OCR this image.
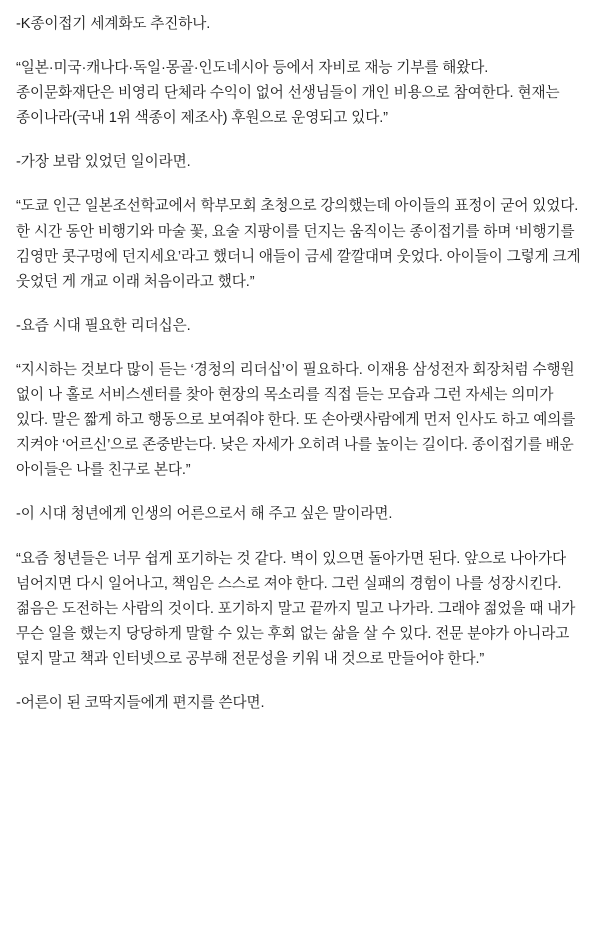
-K종이접기 세계화도 추진하나.

“일본·미국·캐나다·독일·몽골·인도네시아 등에서 자비로 재능 기부를 해왔다. 종이문화재단은 비영리 단체라 수익이 없어 선생님들이 개인 비용으로 참여한다. 현재는 종이나라(국내 1위 색종이 제조사) 후원으로 운영되고 있다.”

-가장 보람 있었던 일이라면.

“도쿄 인근 일본조선학교에서 학부모회 초청으로 강의했는데 아이들의 표정이 굳어 있었다. 한 시간 동안 비행기와 마술 꽃, 요술 지팡이를 던지는 움직이는 종이접기를 하며 ‘비행기를 김영만 콧구멍에 던지세요’라고 했더니 애들이 금세 깔깔대며 웃었다. 아이들이 그렇게 크게 웃었던 게 개교 이래 처음이라고 했다.”

-요즘 시대 필요한 리더십은.

“지시하는 것보다 많이 듣는 ‘경청의 리더십’이 필요하다. 이재용 삼성전자 회장처럼 수행원 없이 나 홀로 서비스센터를 찾아 현장의 목소리를 직접 듣는 모습과 그런 자세는 의미가 있다. 말은 짧게 하고 행동으로 보여줘야 한다. 또 손아랫사람에게 먼저 인사도 하고 예의를 지켜야 ‘어르신’으로 존중받는다. 낮은 자세가 오히려 나를 높이는 길이다. 종이접기를 배운 아이들은 나를 친구로 본다.”

-이 시대 청년에게 인생의 어른으로서 해 주고 싶은 말이라면.

“요즘 청년들은 너무 쉽게 포기하는 것 같다. 벽이 있으면 돌아가면 된다. 앞으로 나아가다 넘어지면 다시 일어나고, 책임은 스스로 져야 한다. 그런 실패의 경험이 나를 성장시킨다. 젊음은 도전하는 사람의 것이다. 포기하지 말고 끝까지 밀고 나가라. 그래야 젊었을 때 내가 무슨 일을 했는지 당당하게 말할 수 있는 후회 없는 삶을 살 수 있다. 전문 분야가 아니라고 덮지 말고 책과 인터넷으로 공부해 전문성을 키워 내 것으로 만들어야 한다.”

-어른이 된 코딱지들에게 편지를 쓴다면.
